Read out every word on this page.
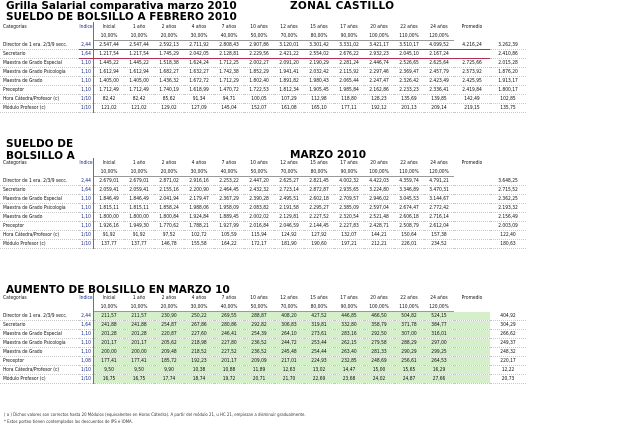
Grilla Salarial comparativa marzo 2010	ZONAL CASTILLO
SUELDO DE BOLSILLO A FEBRERO 2010
SUELDO DE BOLSILLO A	MARZO 2010
AUMENTO DE BOLSILLO EN MARZO 10
Categorías	Indice	Inicial	1 año	2 años	4 años	7 años	10 años	12 años	15 años	17 años	20 años	22 años	24 años	Promedio	
		10,00%	10,00%	20,00%	30,00%	40,00%	50,00%	70,00%	80,00%	90,00%	100,00%	110,00%	120,00%		
Director de 1 era. 2/3/9 secc.	2,44	2.547,44	2.547,44	2.592,13	2.711,92	2.808,43	2.907,86	3.120,01	3.301,42	3.331,02	3.421,17	3.510,17	4.099,52	4.216,24	3.262,39
Secretario	1,64	1.217,54	1.217,54	1.745,29	2.042,05	2.128,81	2.229,56	2.421,22	2.554,02	2.676,22	2.932,23	2.045,10	2.167,24		2.410,86
Maestra de Grado Especial	1,10	1.445,22	1.445,22	1.518,38	1.624,24	1.712,25	2.002,27	2.091,20	2.190,29	2.281,24	2.446,74	2.526,65	2.625,64	2.725,66	2.015,28
Maestra de Grado Psicología	1,10	1.612,94	1.612,94	1.682,27	1.632,27	1.742,38	1.852,29	1.941,41	2.032,42	2.115,92	2.297,46	2.369,47	2.457,79	2.573,92	1.876,20
Maestra de Grado	1,10	1.405,00	1.405,00	1.436,32	1.672,72	1.712,29	1.802,40	1.891,82	1.980,43	2.065,44	2.247,47	2.326,42	2.423,49	2.425,95	1.913,17
Preceptor	1,10	1.712,49	1.712,49	1.740,19	1.618,99	1.470,72	1.722,53	1.812,34	1.905,45	1.985,84	2.162,86	2.233,23	2.336,41	2.419,84	1.800,17
Hora Cátedra/Profesor (c)	1/10	82,42	82,42	85,62	91,34	94,71	100,05	107,29	112,98	118,80	128,23	135,69	139,85	142,49	102,85
Módulo Profesor (c)	1/10	121,02	121,02	129,02	127,09	145,04	152,07	161,08	165,10	177,11	192,12	201,13	209,14	219,15	135,75
Categorías	Indice	Inicial	1 año	2 años	4 años	7 años	10 años	12 años	15 años	17 años	20 años	22 años	24 años	Promedio	
		10,00%	10,00%	20,00%	30,00%	40,00%	50,00%	70,00%	80,00%	90,00%	100,00%	110,00%	120,00%		
Director de 1 era. 2/3/9 secc.	2,44	2.679,01	2.679,01	2.871,02	2.916,16	2.253,22	2.447,20	2.625,27	2.821,45	4.002,32	4.422,03	4.359,74	4.791,21		3.648,25
Secretario	1,64	2.059,41	2.059,41	2.155,16	2.200,90	2.464,45	2.432,32	2.723,14	2.872,87	2.935,65	3.224,80	3.346,89	3.470,31		2.715,52
Maestra de Grado Especial	1,10	1.846,49	1.846,49	2.041,94	2.179,47	2.367,29	2.390,28	2.495,51	2.602,18	2.709,57	2.946,02	3.045,53	3.144,67		2.362,25
Maestra de Grado Psicología	1,10	1.815,11	1.815,11	1.858,24	1.988,06	1.958,09	2.083,82	2.191,58	2.295,27	2.385,09	2.597,04	2.674,47	2.772,42		2.193,32
Maestra de Grado	1,10	1.800,00	1.800,00	1.800,84	1.924,84	1.889,45	2.002,02	2.129,81	2.227,52	2.320,54	2.521,48	2.606,18	2.716,14		2.156,49
Preceptor	1,10	1.926,16	1.949,30	1.770,62	1.788,21	1.927,99	2.016,84	2.046,59	2.144,45	2.227,83	2.428,71	2.508,79	2.612,04		2.003,09
Hora Cátedra/Profesor (c)	1/10	91,92	91,92	97,52	102,72	105,59	115,94	124,92	127,92	132,07	144,21	150,64	157,38		122,40
Módulo Profesor (c)	1/10	137,77	137,77	146,78	155,58	164,22	172,17	181,90	190,60	197,21	212,21	226,01	234,52		180,63
Categorías	Indice	Inicial	1 año	2 años	4 años	7 años	10 años	12 años	15 años	17 años	20 años	22 años	24 años	Promedio	
		10,00%	10,00%	20,00%	30,00%	40,00%	50,00%	70,00%	80,00%	90,00%	100,00%	110,00%	120,00%		
Director de 1 era. 2/3/9 secc.	2,44	211,57	211,57	230,90	250,22	269,55	288,87	408,20	427,52	446,85	466,50	504,82	524,15		404,92
Secretario	1,64	241,88	241,88	254,87	267,86	280,86	292,82	306,83	319,81	332,80	358,79	371,78	384,77		304,29
Maestra de Grado Especial	1,10	201,28	201,28	220,87	227,60	246,41	254,39	264,10	273,61	283,16	292,50	307,00	316,01		266,62
Maestra de Grado Psicología	1,10	201,17	201,17	205,62	218,98	227,80	236,52	244,72	253,44	262,15	279,58	288,29	297,00		249,37
Maestra de Grado	1,10	200,00	200,00	209,48	218,52	227,52	236,52	245,48	254,44	263,40	281,33	290,29	299,25		248,32
Preceptor	1,08	177,41	177,41	185,72	192,23	201,17	209,09	217,01	224,93	232,85	248,69	256,61	264,53		220,17
Hora Cátedra/Profesor (c)	1/10	9,50	9,50	9,90	10,38	10,88	11,89	12,63	13,02	14,47	15,00	15,65	16,29		12,22
Módulo Profesor (c)	1/10	16,75	16,75	17,74	18,74	19,72	20,71	21,70	22,69	23,68	24,02	24,87	27,66		20,73
( a ) Dichos valores son correctos hasta 20 Módulos (equivalentes en Horas Cátedra). A partir del módulo 21, u HC 21, empiezan a disminuir gradualmente.
* Estos porteo tienen contemplados los descuentos de IPS e IOMA.
